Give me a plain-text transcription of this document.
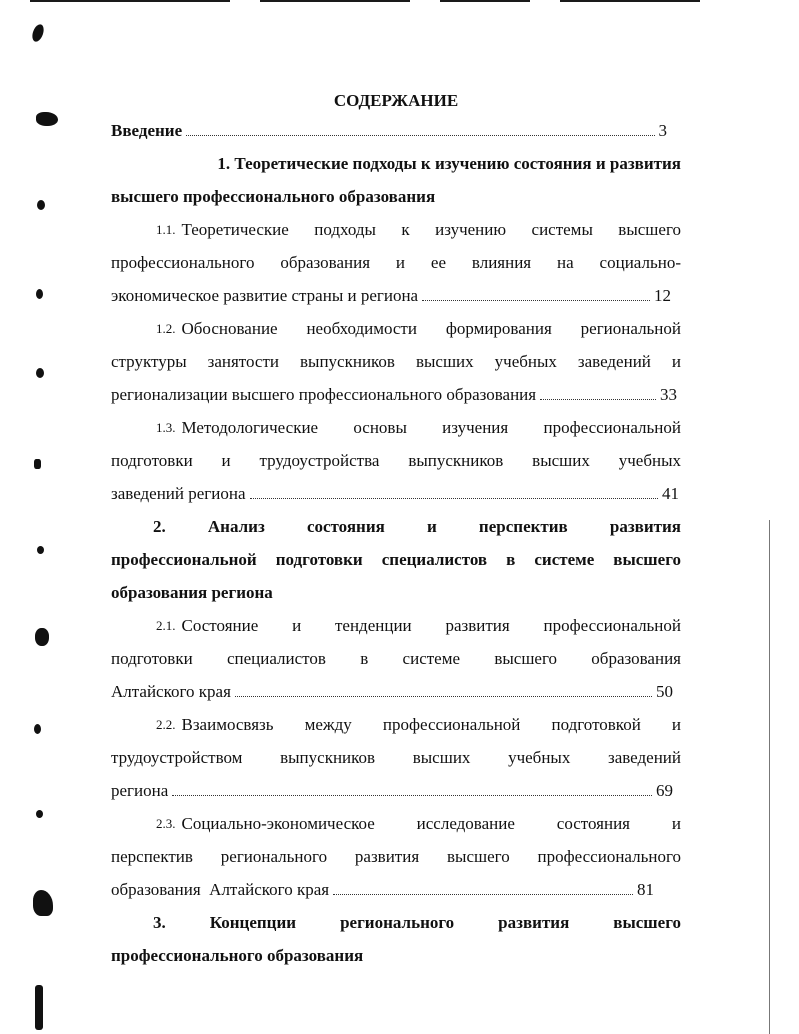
СОДЕРЖАНИЕ
Введение	3
1. Теоретические подходы к изучению состояния и развития
высшего профессионального образования
1.1. Теоретические подходы к изучению системы высшего
профессионального образования и ее влияния на социально-
экономическое развитие страны и региона	12
1.2. Обоснование необходимости формирования региональной
структуры занятости выпускников высших учебных заведений и
регионализации высшего профессионального образования	33
1.3. Методологические основы изучения профессиональной
подготовки и трудоустройства выпускников высших учебных
заведений региона	41
2. Анализ состояния и перспектив развития
профессиональной подготовки специалистов в системе высшего
образования региона
2.1. Состояние и тенденции развития профессиональной
подготовки специалистов в системе высшего образования
Алтайского края	50
2.2. Взаимосвязь между профессиональной подготовкой и
трудоустройством выпускников высших учебных заведений
региона	69
2.3. Социально-экономическое исследование состояния и
перспектив регионального развития высшего профессионального
образования  Алтайского края	81
3. Концепции регионального развития высшего
профессионального образования
